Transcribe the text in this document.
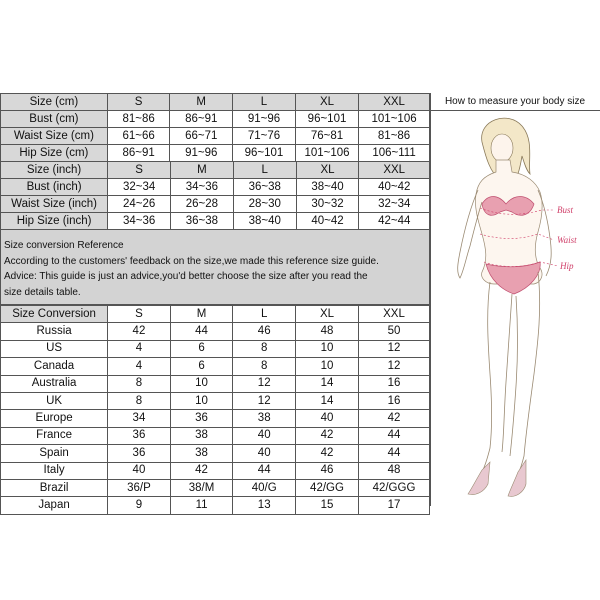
How to measure your body size
Size (cm)	S	M	L	XL	XXL
Bust (cm)	81~86	86~91	91~96	96~101	101~106
Waist Size (cm)	61~66	66~71	71~76	76~81	81~86
Hip Size (cm)	86~91	91~96	96~101	101~106	106~111
Size (inch)	S	M	L	XL	XXL
Bust (inch)	32~34	34~36	36~38	38~40	40~42
Waist Size (inch)	24~26	26~28	28~30	30~32	32~34
Hip Size (inch)	34~36	36~38	38~40	40~42	42~44
Size conversion Reference
According to the customers' feedback on the size,we made this reference size guide.
Advice: This guide is just an advice,you'd better choose the size after you read the
size details table.
Size Conversion	S	M	L	XL	XXL
Russia	42	44	46	48	50
US	4	6	8	10	12
Canada	4	6	8	10	12
Australia	8	10	12	14	16
UK	8	10	12	14	16
Europe	34	36	38	40	42
France	36	38	40	42	44
Spain	36	38	40	42	44
Italy	40	42	44	46	48
Brazil	36/P	38/M	40/G	42/GG	42/GGG
Japan	9	11	13	15	17
Bust
Waist
Hip
